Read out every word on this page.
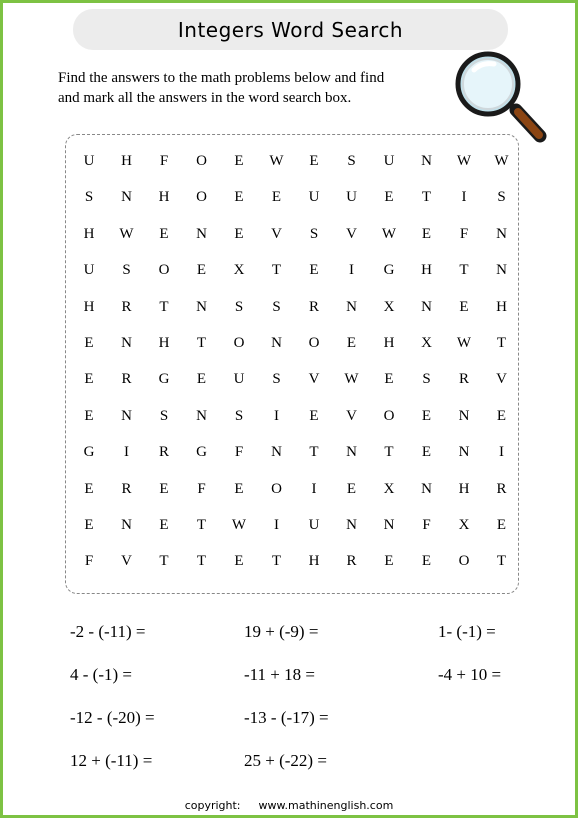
Integers Word Search
Find the answers to the math problems below and find
and mark all the answers in the word search box.
U	H	F	O	E	W	E	S	U	N	W	W
S	N	H	O	E	E	U	U	E	T	I	S
H	W	E	N	E	V	S	V	W	E	F	N
U	S	O	E	X	T	E	I	G	H	T	N
H	R	T	N	S	S	R	N	X	N	E	H
E	N	H	T	O	N	O	E	H	X	W	T
E	R	G	E	U	S	V	W	E	S	R	V
E	N	S	N	S	I	E	V	O	E	N	E
G	I	R	G	F	N	T	N	T	E	N	I
E	R	E	F	E	O	I	E	X	N	H	R
E	N	E	T	W	I	U	N	N	F	X	E
F	V	T	T	E	T	H	R	E	E	O	T
-2 - (-11) =	19 + (-9) =	1- (-1) =
4 - (-1) =	-11 + 18 =	-4 + 10 =
-12 - (-20) =	-13 - (-17) =
12 + (-11) =	25 + (-22) =
copyright: www.mathinenglish.com
